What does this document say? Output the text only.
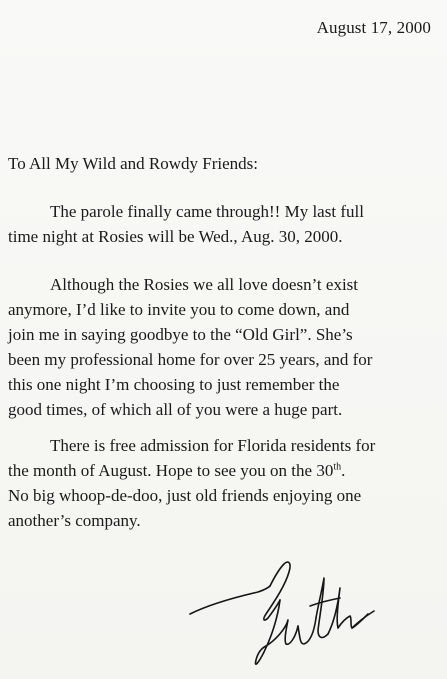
August 17, 2000
To All My Wild and Rowdy Friends:
The parole finally came through!! My last full
time night at Rosies will be Wed., Aug. 30, 2000.
Although the Rosies we all love doesn’t exist
anymore, I’d like to invite you to come down, and
join me in saying goodbye to the “Old Girl”. She’s
been my professional home for over 25 years, and for
this one night I’m choosing to just remember the
good times, of which all of you were a huge part.
There is free admission for Florida residents for
the month of August. Hope to see you on the 30th.
No big whoop-de-doo, just old friends enjoying one
another’s company.
